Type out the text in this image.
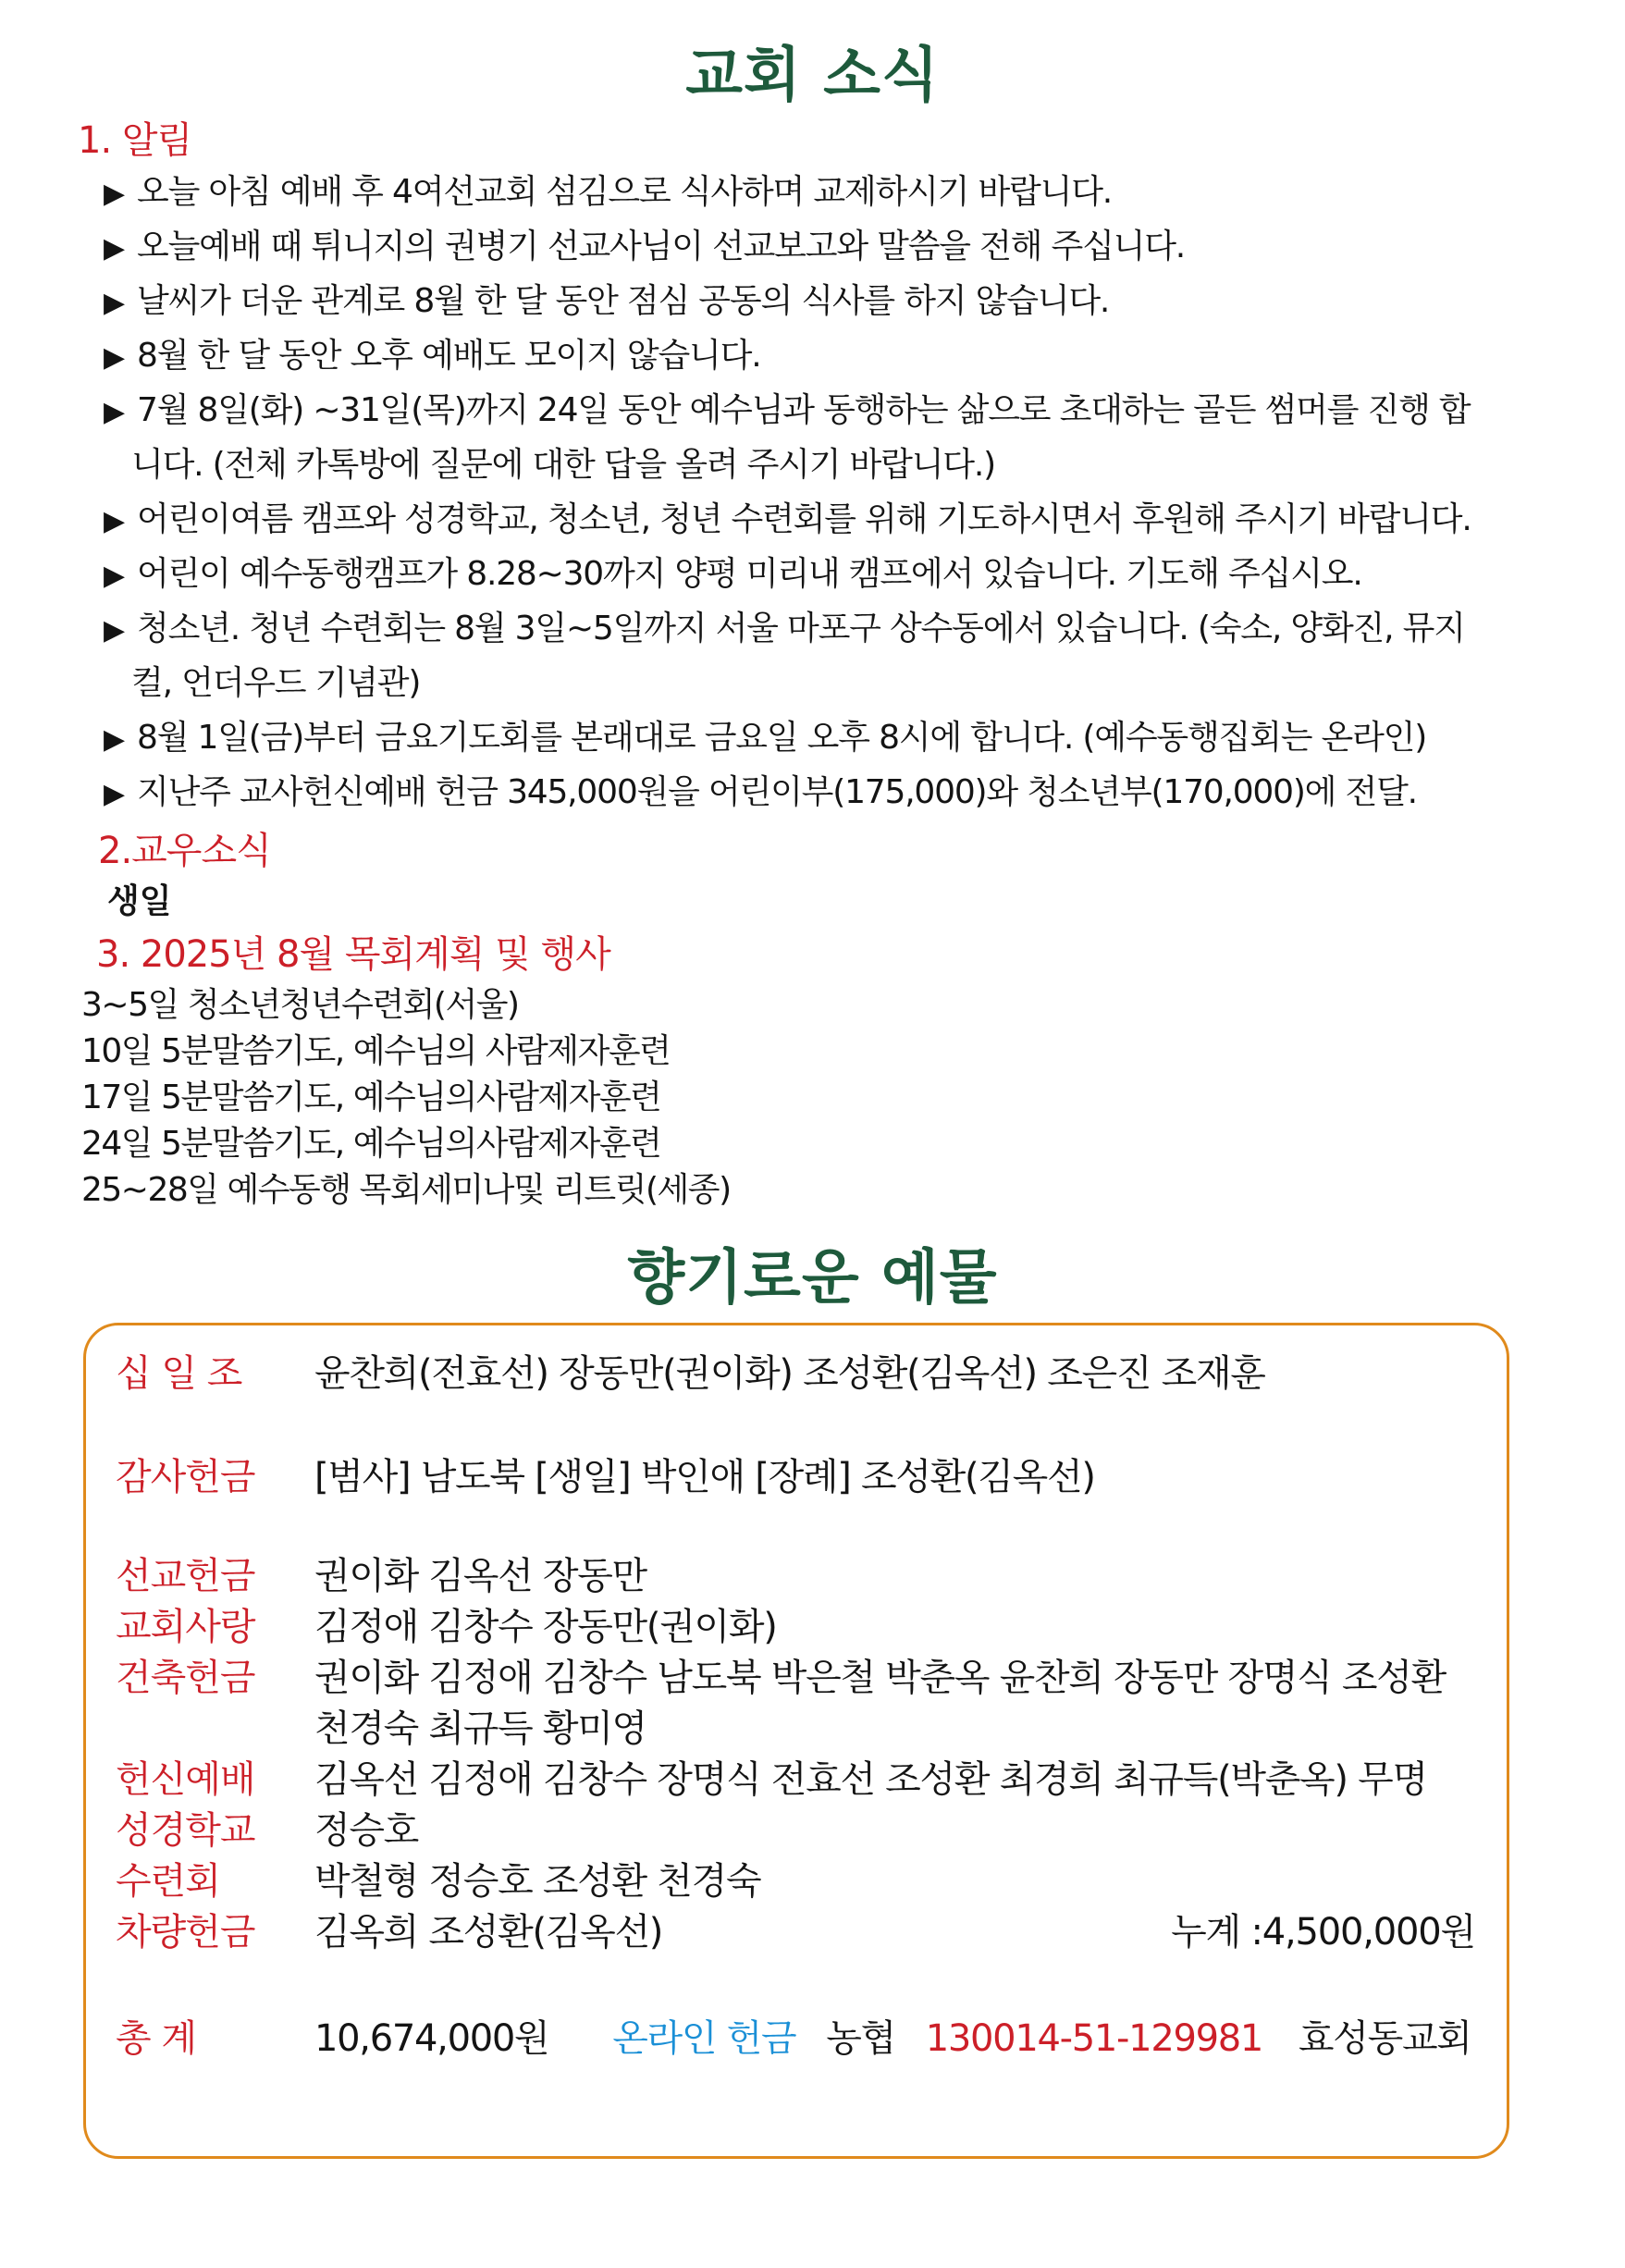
교회 소식
1. 알림
▶ 오늘 아침 예배 후 4여선교회 섬김으로 식사하며 교제하시기 바랍니다.
▶ 오늘예배 때 튀니지의 권병기 선교사님이 선교보고와 말씀을 전해 주십니다.
▶ 날씨가 더운 관계로 8월 한 달 동안 점심 공동의 식사를 하지 않습니다.
▶ 8월 한 달 동안 오후 예배도 모이지 않습니다.
▶ 7월 8일(화) ~31일(목)까지 24일 동안 예수님과 동행하는 삶으로 초대하는 골든 썸머를 진행 합
니다. (전체 카톡방에 질문에 대한 답을 올려 주시기 바랍니다.)
▶ 어린이여름 캠프와 성경학교, 청소년, 청년 수련회를 위해 기도하시면서 후원해 주시기 바랍니다.
▶ 어린이 예수동행캠프가 8.28~30까지 양평 미리내 캠프에서 있습니다. 기도해 주십시오.
▶ 청소년. 청년 수련회는 8월 3일~5일까지 서울 마포구 상수동에서 있습니다. (숙소, 양화진, 뮤지
컬, 언더우드 기념관)
▶ 8월 1일(금)부터 금요기도회를 본래대로 금요일 오후 8시에 합니다. (예수동행집회는 온라인)
▶ 지난주 교사헌신예배 헌금 345,000원을 어린이부(175,000)와 청소년부(170,000)에 전달.
2.교우소식
생일
3. 2025년 8월 목회계획 및 행사
3~5일 청소년청년수련회(서울)
10일 5분말씀기도, 예수님의 사람제자훈련
17일 5분말씀기도, 예수님의사람제자훈련
24일 5분말씀기도, 예수님의사람제자훈련
25~28일 예수동행 목회세미나및 리트릿(세종)
향기로운 예물
십 일 조 윤찬희(전효선) 장동만(권이화) 조성환(김옥선) 조은진 조재훈
감사헌금 [범사] 남도북 [생일] 박인애 [장례] 조성환(김옥선)
선교헌금 권이화 김옥선 장동만
교회사랑 김정애 김창수 장동만(권이화)
건축헌금 권이화 김정애 김창수 남도북 박은철 박춘옥 윤찬희 장동만 장명식 조성환
천경숙 최규득 황미영
헌신예배 김옥선 김정애 김창수 장명식 전효선 조성환 최경희 최규득(박춘옥) 무명
성경학교 정승호
수련회	박철형 정승호 조성환 천경숙
차량헌금 김옥희 조성환(김옥선)	누계 :4,500,000원
총 계	10,674,000원 온라인 헌금 농협 130014-51-129981 효성동교회
